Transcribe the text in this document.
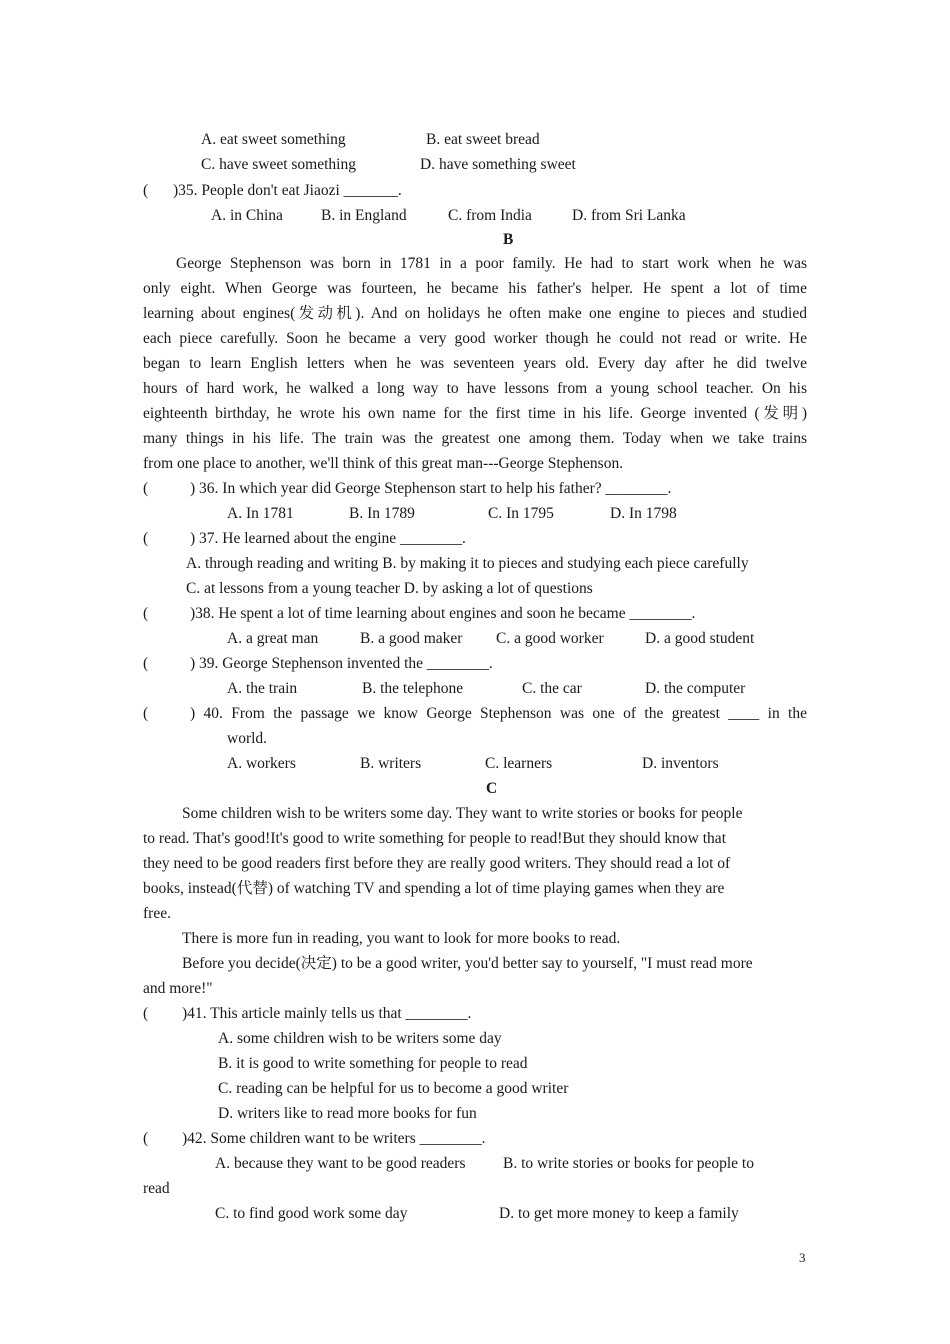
A. eat sweet something	B. eat sweet bread
C. have sweet something	D. have something sweet
( )35. People don't eat Jiaozi _______.
A. in China B. in England	C. from India	D. from Sri Lanka
B
George Stephenson was born in 1781 in a poor family. He had to start work when he was
only eight. When George was fourteen, he became his father's helper. He spent a lot of time
learning about engines(发动机). And on holidays he often make one engine to pieces and studied
each piece carefully. Soon he became a very good worker though he could not read or write. He
began to learn English letters when he was seventeen years old. Every day after he did twelve
hours of hard work, he walked a long way to have lessons from a young school teacher. On his
eighteenth birthday, he wrote his own name for the first time in his life. George invented (发明)
many things in his life. The train was the greatest one among them. Today when we take trains
from one place to another, we'll think of this great man---George Stephenson.
(	) 36. In which year did George Stephenson start to help his father? ________.
A. In 1781	B. In 1789	C. In 1795	D. In 1798
(	) 37. He learned about the engine ________.
A. through reading and writing B. by making it to pieces and studying each piece carefully
C. at lessons from a young teacher D. by asking a lot of questions
(	)38. He spent a lot of time learning about engines and soon he became ________.
A. a great man	B. a good maker C. a good worker	D. a good student
(	) 39. George Stephenson invented the ________.
A. the train	B. the telephone	C. the car	D. the computer
(	) 40. From the passage we know George Stephenson was one of the greatest ____ in the
world.
A. workers	B. writers	C. learners	D. inventors
C
Some children wish to be writers some day. They want to write stories or books for people
to read. That's good!It's good to write something for people to read!But they should know that
they need to be good readers first before they are really good writers. They should read a lot of
books, instead(代替) of watching TV and spending a lot of time playing games when they are
free.
There is more fun in reading, you want to look for more books to read.
Before you decide(决定) to be a good writer, you'd better say to yourself, "I must read more
and more!"
( )41. This article mainly tells us that ________.
A. some children wish to be writers some day
B. it is good to write something for people to read
C. reading can be helpful for us to become a good writer
D. writers like to read more books for fun
( )42. Some children want to be writers ________.
A. because they want to be good readers B. to write stories or books for people to
read
C. to find good work some day	D. to get more money to keep a family
3
